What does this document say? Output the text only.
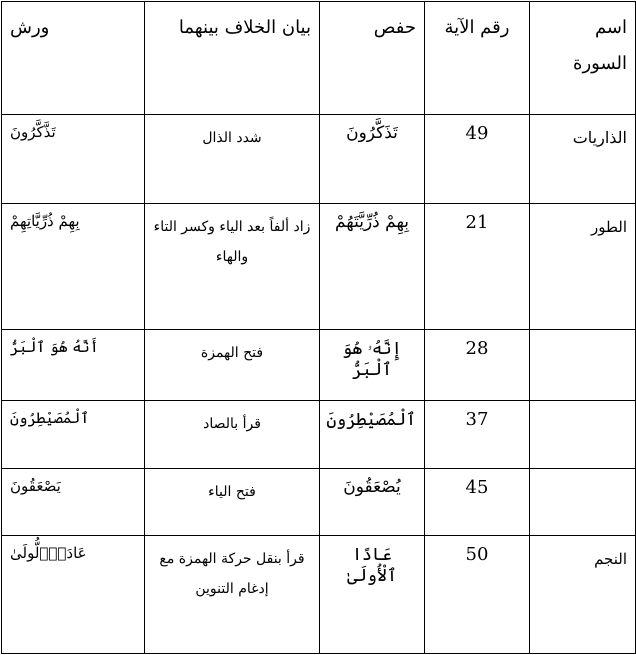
اسم السورة	رقم الآية	حفص	بيان الخلاف بينهما	ورش
الذاريات	49	تَذَكَّرُونَ	شدد الذال	تَذَّكَّرُونَ
الطور	21	بِهِمْ ذُرِّيَّتَهُمْ	زاد ألفاً بعد الياء وكسر التاء والهاء	بِهِمْ ذُرِّيَّاتِهِمْ
	28	إِنَّهُۥ هُوَ ٱلْبَرُّ	فتح الهمزة	أَنَّهُ هُوَ ٱلْبَرُّ
	37	ٱلْمُصَيْطِرُونَ	قرأ بالصاد	ٱلْمُصَيْطِرُونَ
	45	يُصْعَقُونَ	فتح الياء	يَصْعَقُونَ
النجم	50	عَادًا ٱلْأُولَىٰ	قرأ بنقل حركة الهمزة مع إدغام التنوين	عَادَاَ۬لُّولَىٰ
